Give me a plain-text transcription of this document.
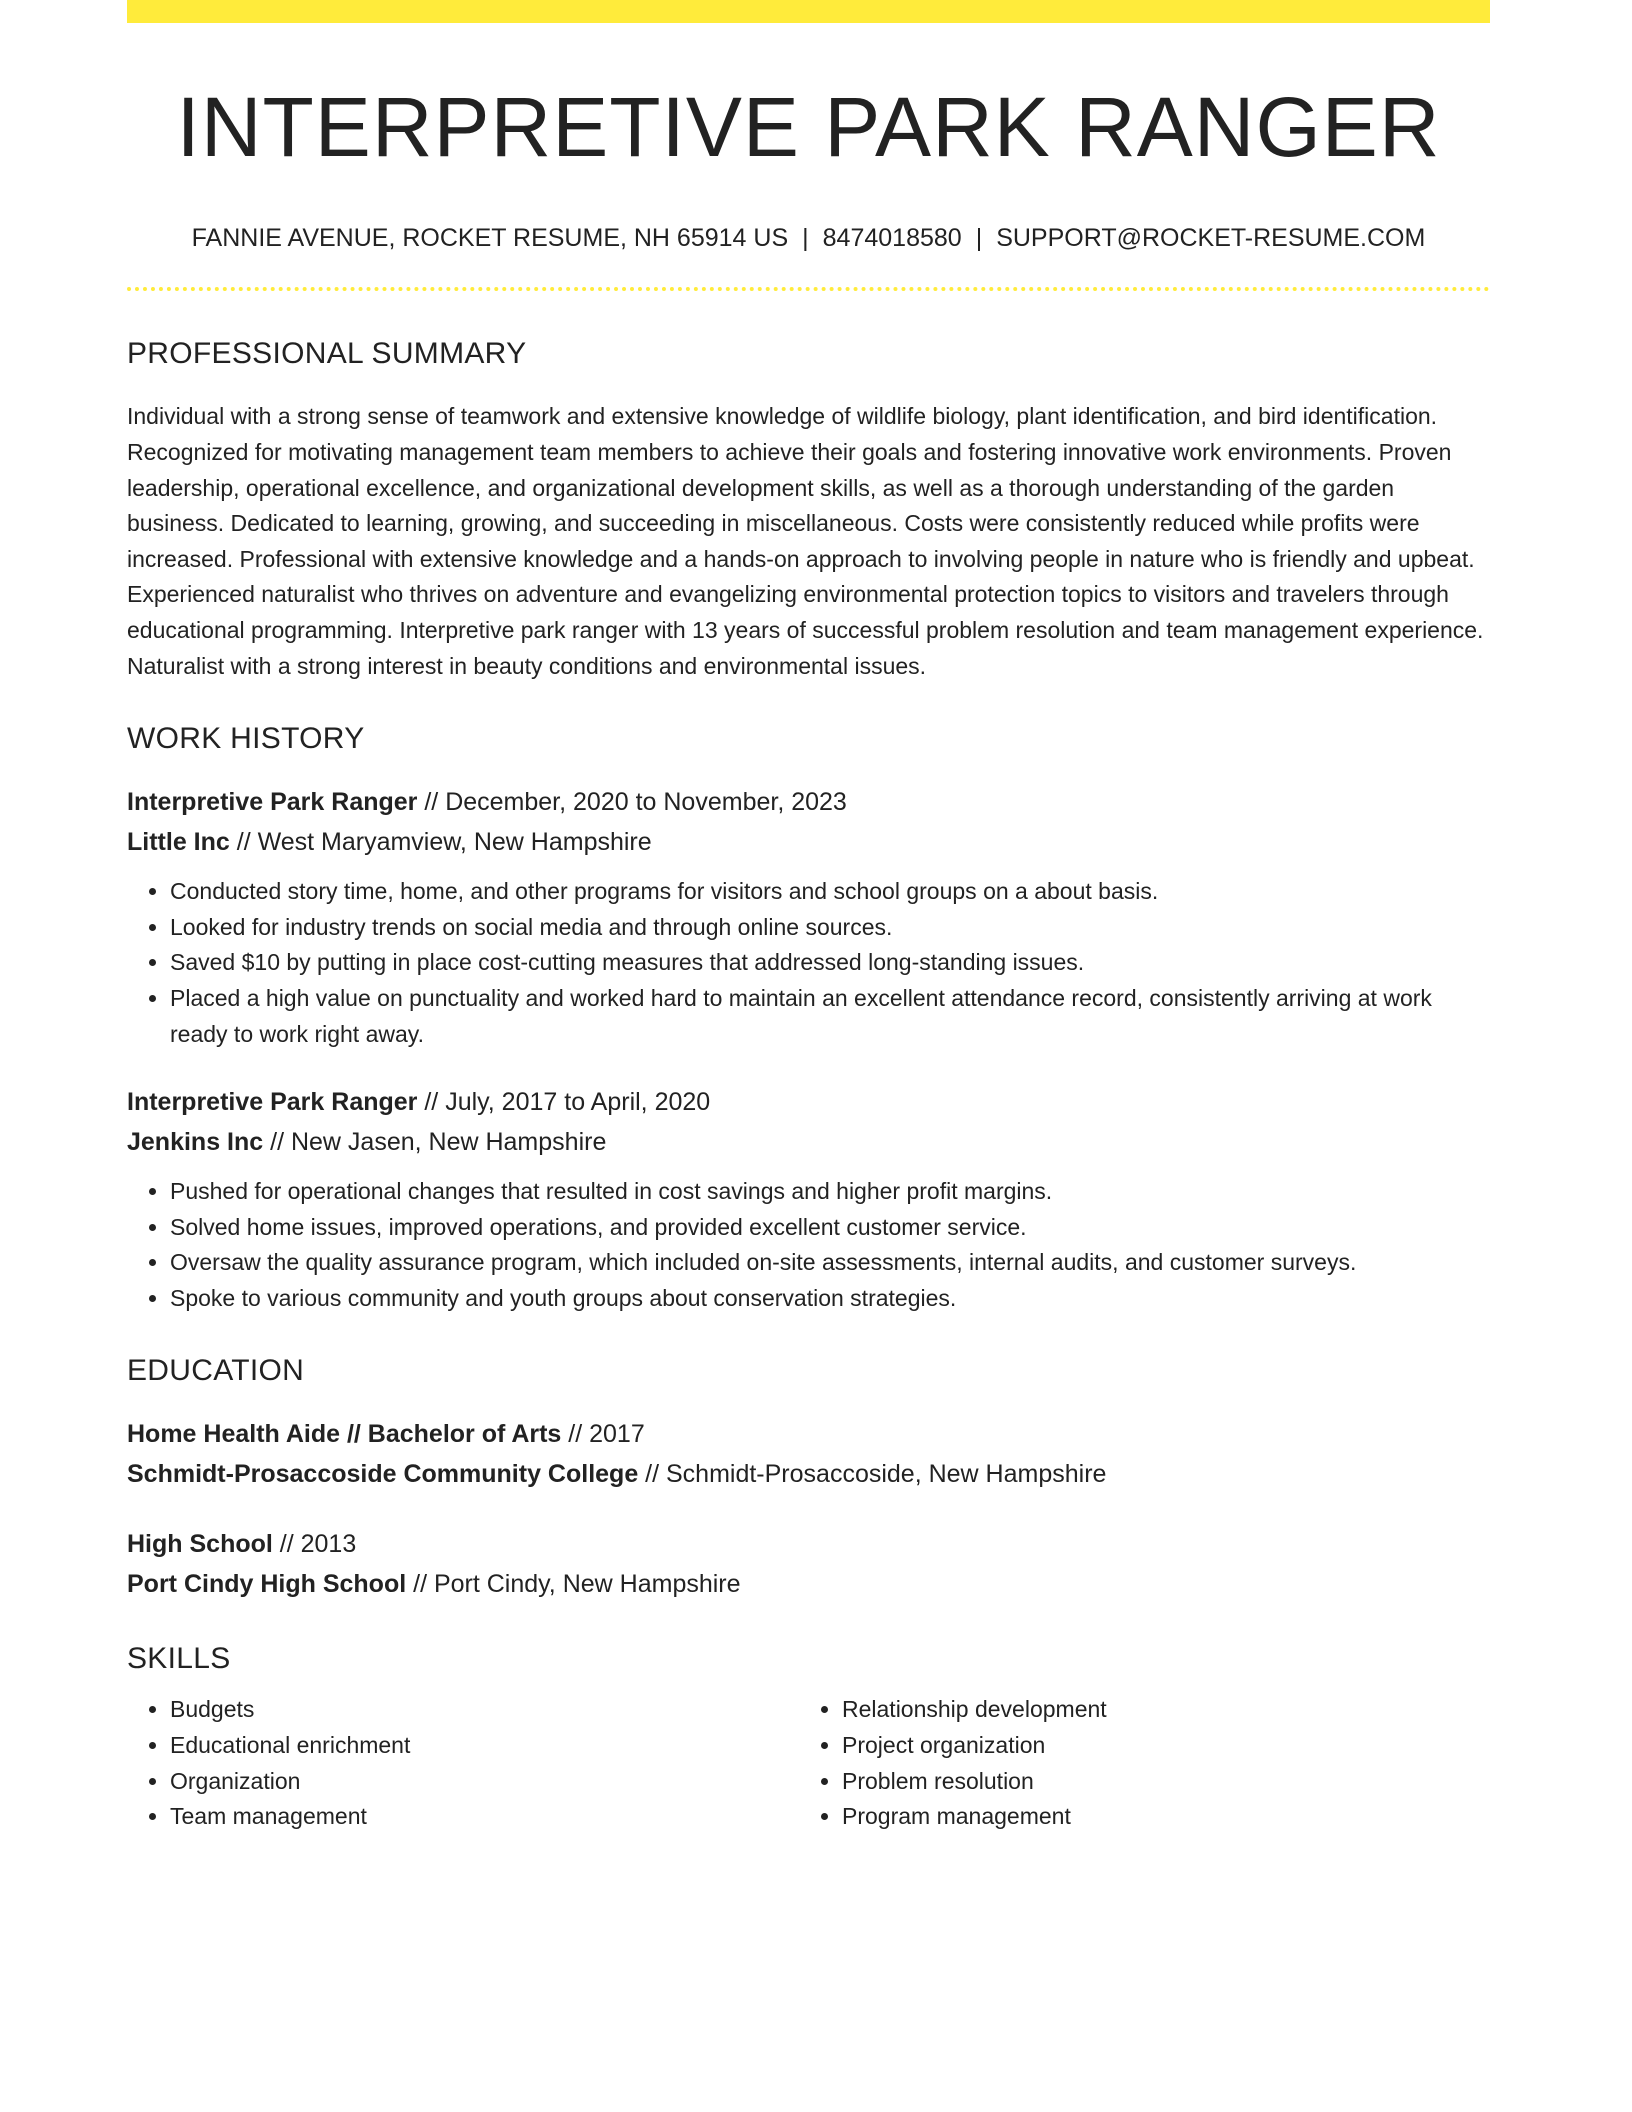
INTERPRETIVE PARK RANGER
FANNIE AVENUE, ROCKET RESUME, NH 65914 US | 8474018580 | SUPPORT@ROCKET-RESUME.COM
PROFESSIONAL SUMMARY

Individual with a strong sense of teamwork and extensive knowledge of wildlife biology, plant identification, and bird identification. Recognized for motivating management team members to achieve their goals and fostering innovative work environments. Proven leadership, operational excellence, and organizational development skills, as well as a thorough understanding of the garden business. Dedicated to learning, growing, and succeeding in miscellaneous. Costs were consistently reduced while profits were increased. Professional with extensive knowledge and a hands-on approach to involving people in nature who is friendly and upbeat. Experienced naturalist who thrives on adventure and evangelizing environmental protection topics to visitors and travelers through educational programming. Interpretive park ranger with 13 years of successful problem resolution and team management experience. Naturalist with a strong interest in beauty conditions and environmental issues.

WORK HISTORY
Interpretive Park Ranger // December, 2020 to November, 2023
Little Inc // West Maryamview, New Hampshire
• Conducted story time, home, and other programs for visitors and school groups on a about basis.
• Looked for industry trends on social media and through online sources.
• Saved $10 by putting in place cost-cutting measures that addressed long-standing issues.
• Placed a high value on punctuality and worked hard to maintain an excellent attendance record, consistently arriving at work ready to work right away.
Interpretive Park Ranger // July, 2017 to April, 2020
Jenkins Inc // New Jasen, New Hampshire
• Pushed for operational changes that resulted in cost savings and higher profit margins.
• Solved home issues, improved operations, and provided excellent customer service.
• Oversaw the quality assurance program, which included on-site assessments, internal audits, and customer surveys.
• Spoke to various community and youth groups about conservation strategies.
EDUCATION
Home Health Aide // Bachelor of Arts // 2017
Schmidt-Prosaccoside Community College // Schmidt-Prosaccoside, New Hampshire
High School // 2013
Port Cindy High School // Port Cindy, New Hampshire
SKILLS
• Budgets
• Educational enrichment
• Organization
• Team management
• Relationship development
• Project organization
• Problem resolution
• Program management
